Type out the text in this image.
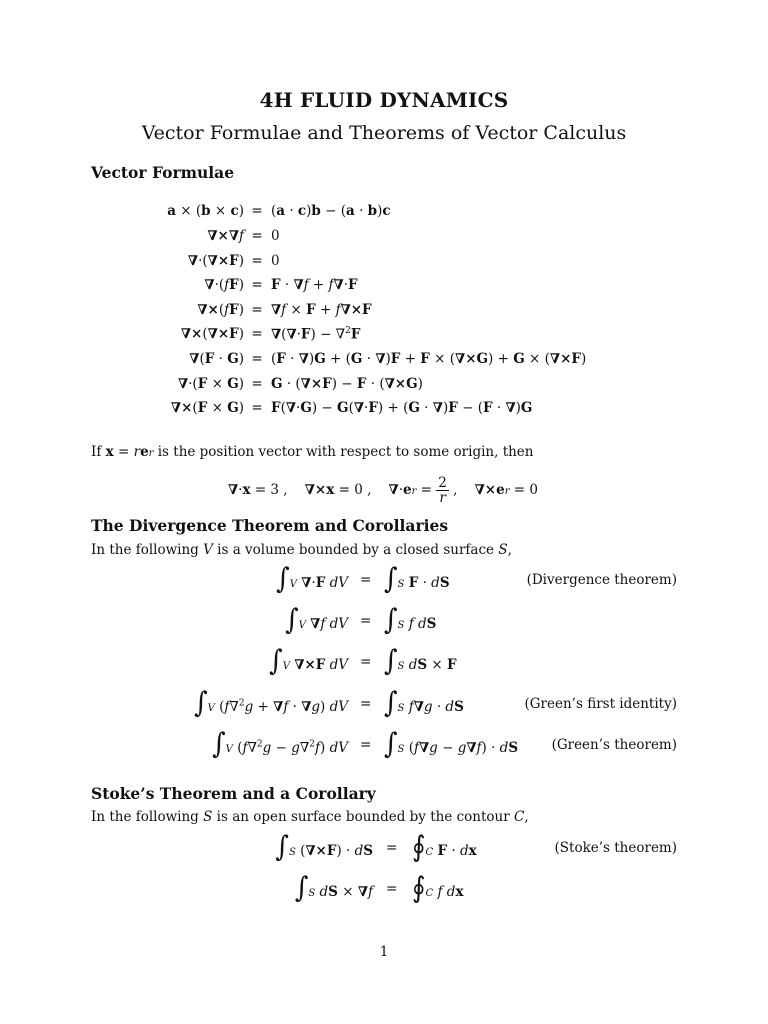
4H FLUID DYNAMICS
Vector Formulae and Theorems of Vector Calculus
Vector Formulae
a × (b × c) = (a · c)b − (a · b)c
∇×∇f = 0
∇·(∇×F) = 0
∇·(fF) = F · ∇f + f∇·F
∇×(fF) = ∇f × F + f∇×F
∇×(∇×F) = ∇(∇·F) − ∇$^2$F
∇(F · G) = (F · ∇)G + (G · ∇)F + F × (∇×G) + G × (∇×F)
∇·(F × G) = G · (∇×F) − F · (∇×G)
∇×(F × G) = F(∇·G) − G(∇·F) + (G · ∇)F − (F · ∇)G
If x = rer is the position vector with respect to some origin, then
∇·x = 3 ,    ∇×x = 0 ,    $\nabla\cdot er = \frac{2}{r}$ ,    ∇×er = 0
The Divergence Theorem and Corollaries
In the following V is a volume bounded by a closed surface S,
∫V ∇·F dV = ∫S F · dS	(Divergence theorem)
∫V ∇f dV = ∫S f dS
∫V ∇×F dV = ∫S dS × F
∫V (f∇$^2$g + ∇f · ∇g) dV = ∫S f∇g · dS	(Green’s first identity)
∫V (f∇$^2$g − g∇$^2$f) dV = ∫S (f∇g − g∇f) · dS (Green’s theorem)
Stoke’s Theorem and a Corollary
In the following S is an open surface bounded by the contour C,
∫S (∇×F) · dS = ∮C F · dx	(Stoke’s theorem)
∫S dS × ∇f = ∮C f dx
1
